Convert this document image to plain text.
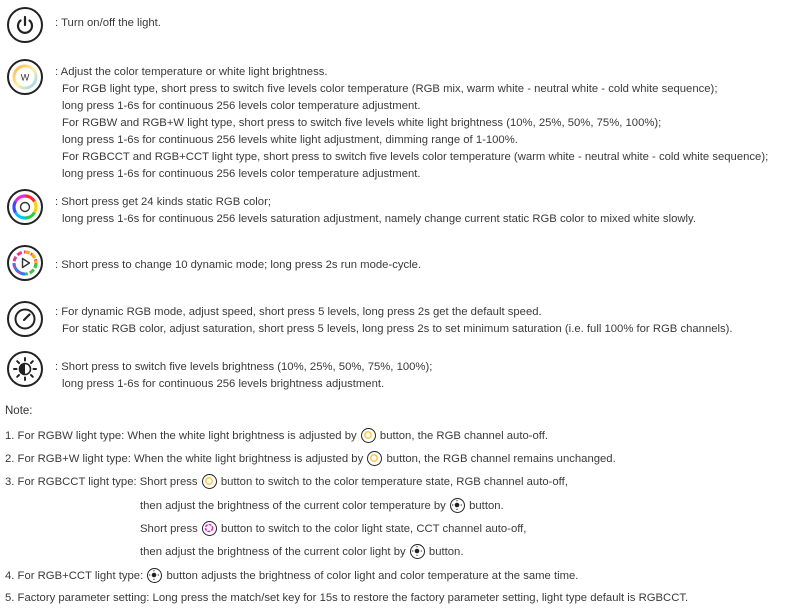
: Turn on/off the light.
W : Adjust the color temperature or white light brightness.
For RGB light type, short press to switch five levels color temperature (RGB mix, warm white - neutral white - cold white sequence);
long press 1-6s for continuous 256 levels color temperature adjustment.
For RGBW and RGB+W light type, short press to switch five levels white light brightness (10%, 25%, 50%, 75%, 100%);
long press 1-6s for continuous 256 levels white light adjustment, dimming range of 1-100%.
For RGBCCT and RGB+CCT light type, short press to switch five levels color temperature (warm white - neutral white - cold white sequence);
long press 1-6s for continuous 256 levels color temperature adjustment.
: Short press get 24 kinds static RGB color;
long press 1-6s for continuous 256 levels saturation adjustment, namely change current static RGB color to mixed white slowly.
: Short press to change 10 dynamic mode; long press 2s run mode-cycle.
: For dynamic RGB mode, adjust speed, short press 5 levels, long press 2s get the default speed.
For static RGB color, adjust saturation, short press 5 levels, long press 2s to set minimum saturation (i.e. full 100% for RGB channels).
: Short press to switch five levels brightness (10%, 25%, 50%, 75%, 100%);
long press 1-6s for continuous 256 levels brightness adjustment.
Note:
1. For RGBW light type: When the white light brightness is adjusted by button, the RGB channel auto-off.
2. For RGB+W light type: When the white light brightness is adjusted by button, the RGB channel remains unchanged.
3. For RGBCCT light type: Short press button to switch to the color temperature state, RGB channel auto-off,
then adjust the brightness of the current color temperature by button.
Short press button to switch to the color light state, CCT channel auto-off,
then adjust the brightness of the current color light by button.
4. For RGB+CCT light type: button adjusts the brightness of color light and color temperature at the same time.
5. Factory parameter setting: Long press the match/set key for 15s to restore the factory parameter setting, light type default is RGBCCT.
